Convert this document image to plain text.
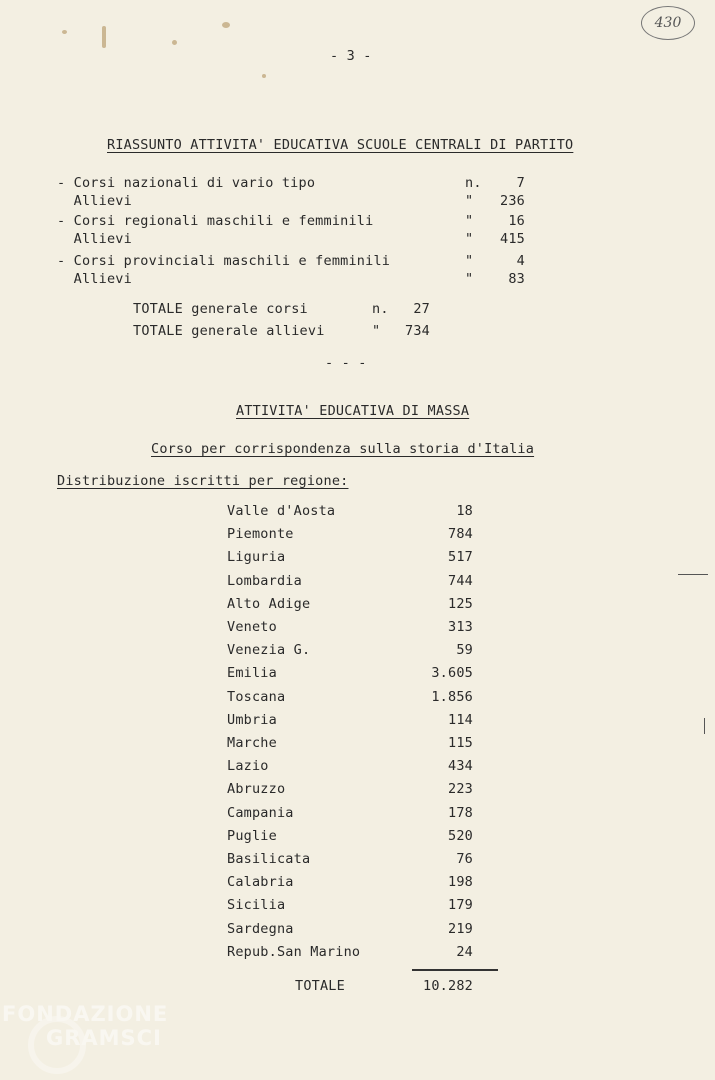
430
- 3 -
RIASSUNTO ATTIVITA' EDUCATIVA SCUOLE CENTRALI DI PARTITO
- Corsi nazionali di vario tipo	n.	7
Allievi	"	236
- Corsi regionali maschili e femminili	"	16
Allievi	"	415
- Corsi provinciali maschili e femminili	"	4
Allievi	"	83
TOTALE generale corsi	n.	27
TOTALE generale allievi	"	734
- - -
ATTIVITA' EDUCATIVA DI MASSA
Corso per corrispondenza sulla storia d'Italia
Distribuzione iscritti per regione:
Valle d'Aosta	18
Piemonte	784
Liguria	517
Lombardia	744
Alto Adige	125
Veneto	313
Venezia G.	59
Emilia	3.605
Toscana	1.856
Umbria	114
Marche	115
Lazio	434
Abruzzo	223
Campania	178
Puglie	520
Basilicata	76
Calabria	198
Sicilia	179
Sardegna	219
Repub.San Marino	24
TOTALE	10.282
FONDAZIONE
GRAMSCI
